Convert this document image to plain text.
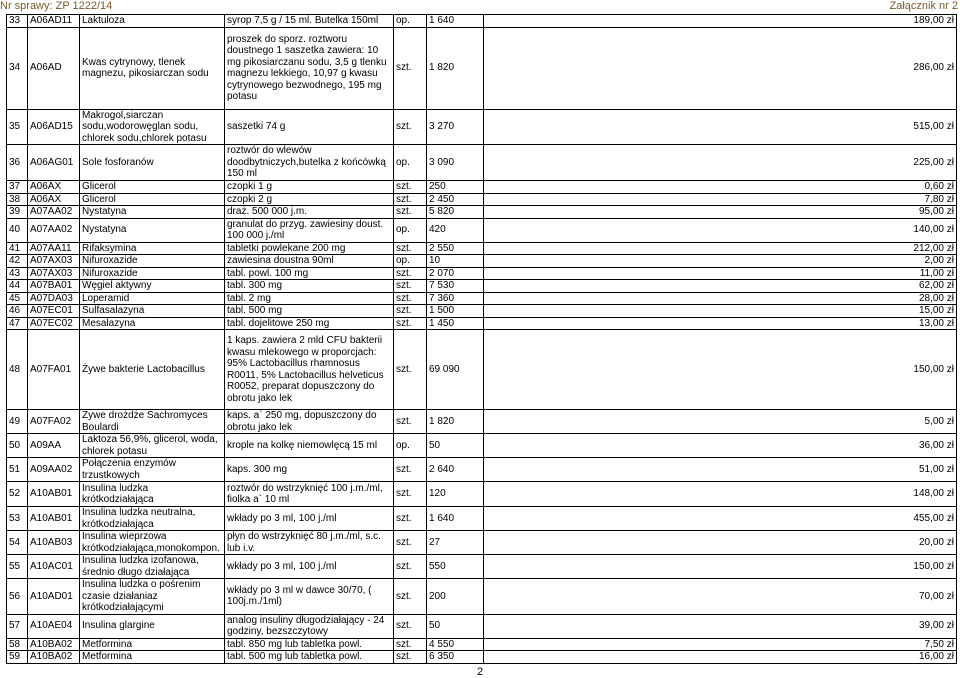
Nr sprawy: ZP 1222/14	Załącznik nr 2
33	A06AD11	Laktuloza	syrop 7,5 g / 15 ml. Butelka 150ml	op.	1 640	189,00 zł
34	A06AD	Kwas cytrynowy, tlenek magnezu, pikosiarczan sodu	proszek do sporz. roztworu doustnego 1 saszetka zawiera: 10 mg pikosiarczanu sodu, 3,5 g tlenku magnezu lekkiego, 10,97 g kwasu cytrynowego bezwodnego, 195 mg potasu	szt.	1 820	286,00 zł
35	A06AD15	Makrogol,siarczan sodu,wodorowęglan sodu, chlorek sodu,chlorek potasu	saszetki 74 g	szt.	3 270	515,00 zł
36	A06AG01	Sole fosforanów	roztwór do wlewów doodbytniczych,butelka z końcówką 150 ml	op.	3 090	225,00 zł
37	A06AX	Glicerol	czopki 1 g	szt.	250	0,60 zł
38	A06AX	Glicerol	czopki 2 g	szt.	2 450	7,80 zł
39	A07AA02	Nystatyna	draż. 500 000 j.m.	szt.	5 820	95,00 zł
40	A07AA02	Nystatyna	granulat do przyg. zawiesiny doust. 100 000 j./ml	op.	420	140,00 zł
41	A07AA11	Rifaksymina	tabletki powlekane 200 mg	szt.	2 550	212,00 zł
42	A07AX03	Nifuroxazide	zawiesina doustna 90ml	op.	10	2,00 zł
43	A07AX03	Nifuroxazide	tabl. powl. 100 mg	szt.	2 070	11,00 zł
44	A07BA01	Węgiel aktywny	tabl. 300 mg	szt.	7 530	62,00 zł
45	A07DA03	Loperamid	tabl. 2 mg	szt.	7 360	28,00 zł
46	A07EC01	Sulfasalazyna	tabl. 500 mg	szt.	1 500	15,00 zł
47	A07EC02	Mesalazyna	tabl. dojelitowe 250 mg	szt.	1 450	13,00 zł
48	A07FA01	Żywe bakterie Lactobacillus	1 kaps. zawiera 2 mld CFU bakterii kwasu mlekowego w proporcjach: 95% Lactobacillus rhamnosus R0011, 5% Lactobacillus helveticus R0052, preparat dopuszczony do obrotu jako lek	szt.	69 090	150,00 zł
49	A07FA02	Żywe drożdże Sachromyces Boulardi	kaps. a` 250 mg, dopuszczony do obrotu jako lek	szt.	1 820	5,00 zł
50	A09AA	Laktoza 56,9%, glicerol, woda, chlorek potasu	krople na kolkę niemowlęcą 15 ml	op.	50	36,00 zł
51	A09AA02	Połączenia enzymów trzustkowych	kaps. 300 mg	szt.	2 640	51,00 zł
52	A10AB01	Insulina ludzka krótkodziałająca	roztwór do wstrzyknięć 100 j.m./ml, fiolka a` 10 ml	szt.	120	148,00 zł
53	A10AB01	Insulina ludzka neutralna, krótkodziałająca	wkłady po 3 ml, 100 j./ml	szt.	1 640	455,00 zł
54	A10AB03	Insulina wieprzowa krótkodziałająca,monokompon.	płyn do wstrzyknięć 80 j.m./ml, s.c. lub i.v.	szt.	27	20,00 zł
55	A10AC01	Insulina ludzka izofanowa, średnio długo działająca	wkłady po 3 ml, 100 j./ml	szt.	550	150,00 zł
56	A10AD01	Insulina ludzka o pośrenim czasie działaniaz krótkodziałającymi	wkłady po 3 ml w dawce 30/70, ( 100j.m./1ml)	szt.	200	70,00 zł
57	A10AE04	Insulina glargine	analog insuliny długodziałający - 24 godziny, bezszczytowy	szt.	50	39,00 zł
58	A10BA02	Metformina	tabl. 850 mg lub tabletka powl.	szt.	4 550	7,50 zł
59	A10BA02	Metformina	tabl. 500 mg lub tabletka powl.	szt.	6 350	16,00 zł
2
